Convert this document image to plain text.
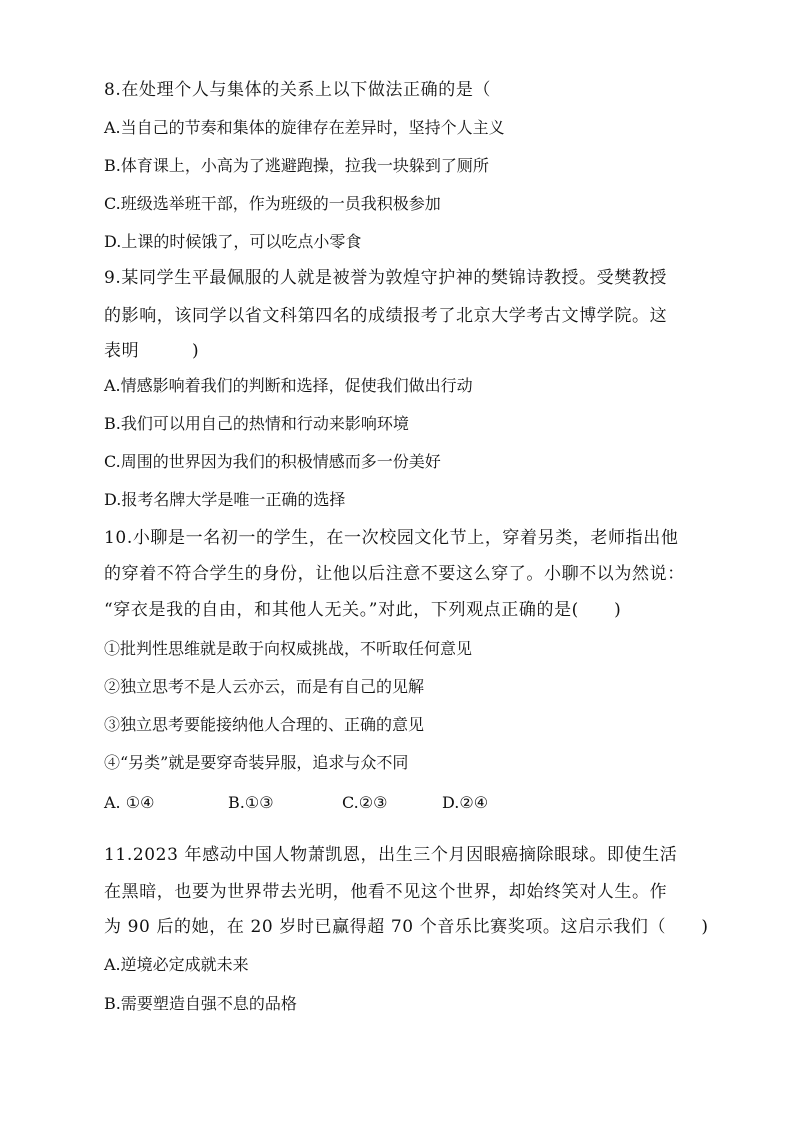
8.在处理个人与集体的关系上以下做法正确的是（
A.当自己的节奏和集体的旋律存在差异时，坚持个人主义
B.体育课上，小高为了逃避跑操，拉我一块躲到了厕所
C.班级选举班干部，作为班级的一员我积极参加
D.上课的时候饿了，可以吃点小零食
9.某同学生平最佩服的人就是被誉为敦煌守护神的樊锦诗教授。受樊教授
的影响，该同学以省文科第四名的成绩报考了北京大学考古文博学院。这
表明　　　)
A.情感影响着我们的判断和选择，促使我们做出行动
B.我们可以用自己的热情和行动来影响环境
C.周围的世界因为我们的积极情感而多一份美好
D.报考名牌大学是唯一正确的选择
10.小聊是一名初一的学生，在一次校园文化节上，穿着另类，老师指出他
的穿着不符合学生的身份，让他以后注意不要这么穿了。小聊不以为然说：
“穿衣是我的自由，和其他人无关。”对此，下列观点正确的是(　　)
①批判性思维就是敢于向权威挑战，不听取任何意见
②独立思考不是人云亦云，而是有自己的见解
③独立思考要能接纳他人合理的、正确的意见
④“另类”就是要穿奇装异服，追求与众不同
A. ①④	B.①③	C.②③	D.②④
11.2023 年感动中国人物萧凯恩，出生三个月因眼癌摘除眼球。即使生活
在黑暗，也要为世界带去光明，他看不见这个世界，却始终笑对人生。作
为 90 后的她，在 20 岁时已赢得超 70 个音乐比赛奖项。这启示我们（　　)
A.逆境必定成就未来
B.需要塑造自强不息的品格
